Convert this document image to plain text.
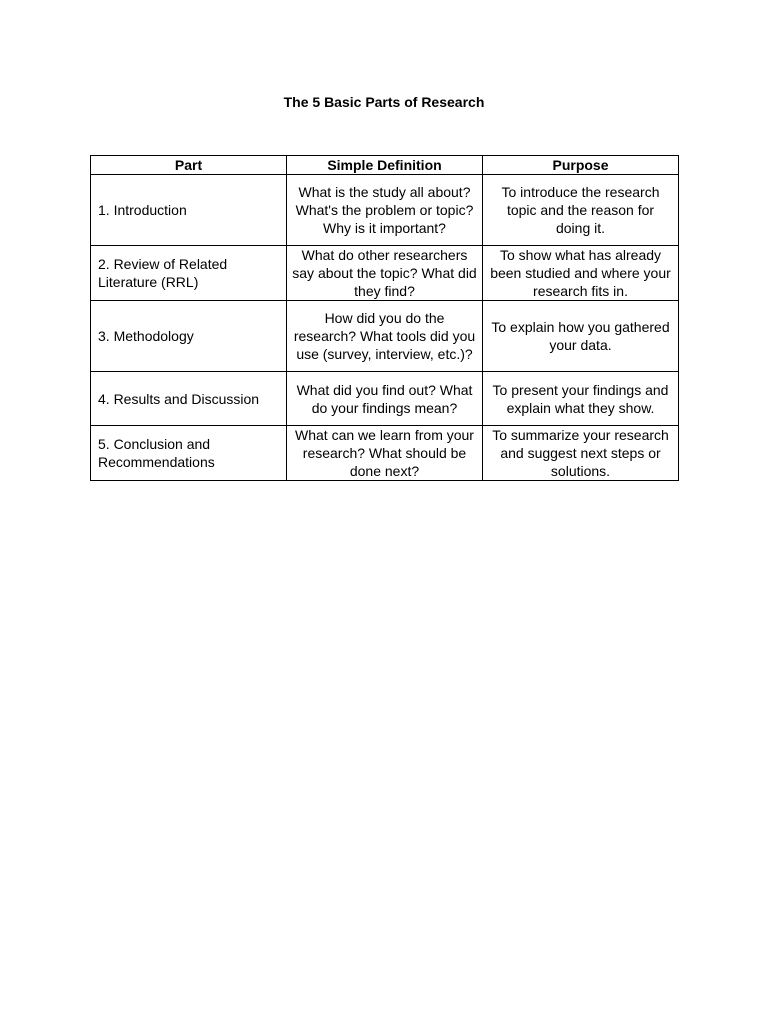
The 5 Basic Parts of Research
Part	Simple Definition	Purpose
1. Introduction	What is the study all about? What's the problem or topic? Why is it important?	To introduce the research topic and the reason for doing it.
2. Review of Related Literature (RRL)	What do other researchers say about the topic? What did they find?	To show what has already been studied and where your research fits in.
3. Methodology	How did you do the research? What tools did you use (survey, interview, etc.)?	To explain how you gathered your data.
4. Results and Discussion	What did you find out? What do your findings mean?	To present your findings and explain what they show.
5. Conclusion and Recommendations	What can we learn from your research? What should be done next?	To summarize your research and suggest next steps or solutions.
